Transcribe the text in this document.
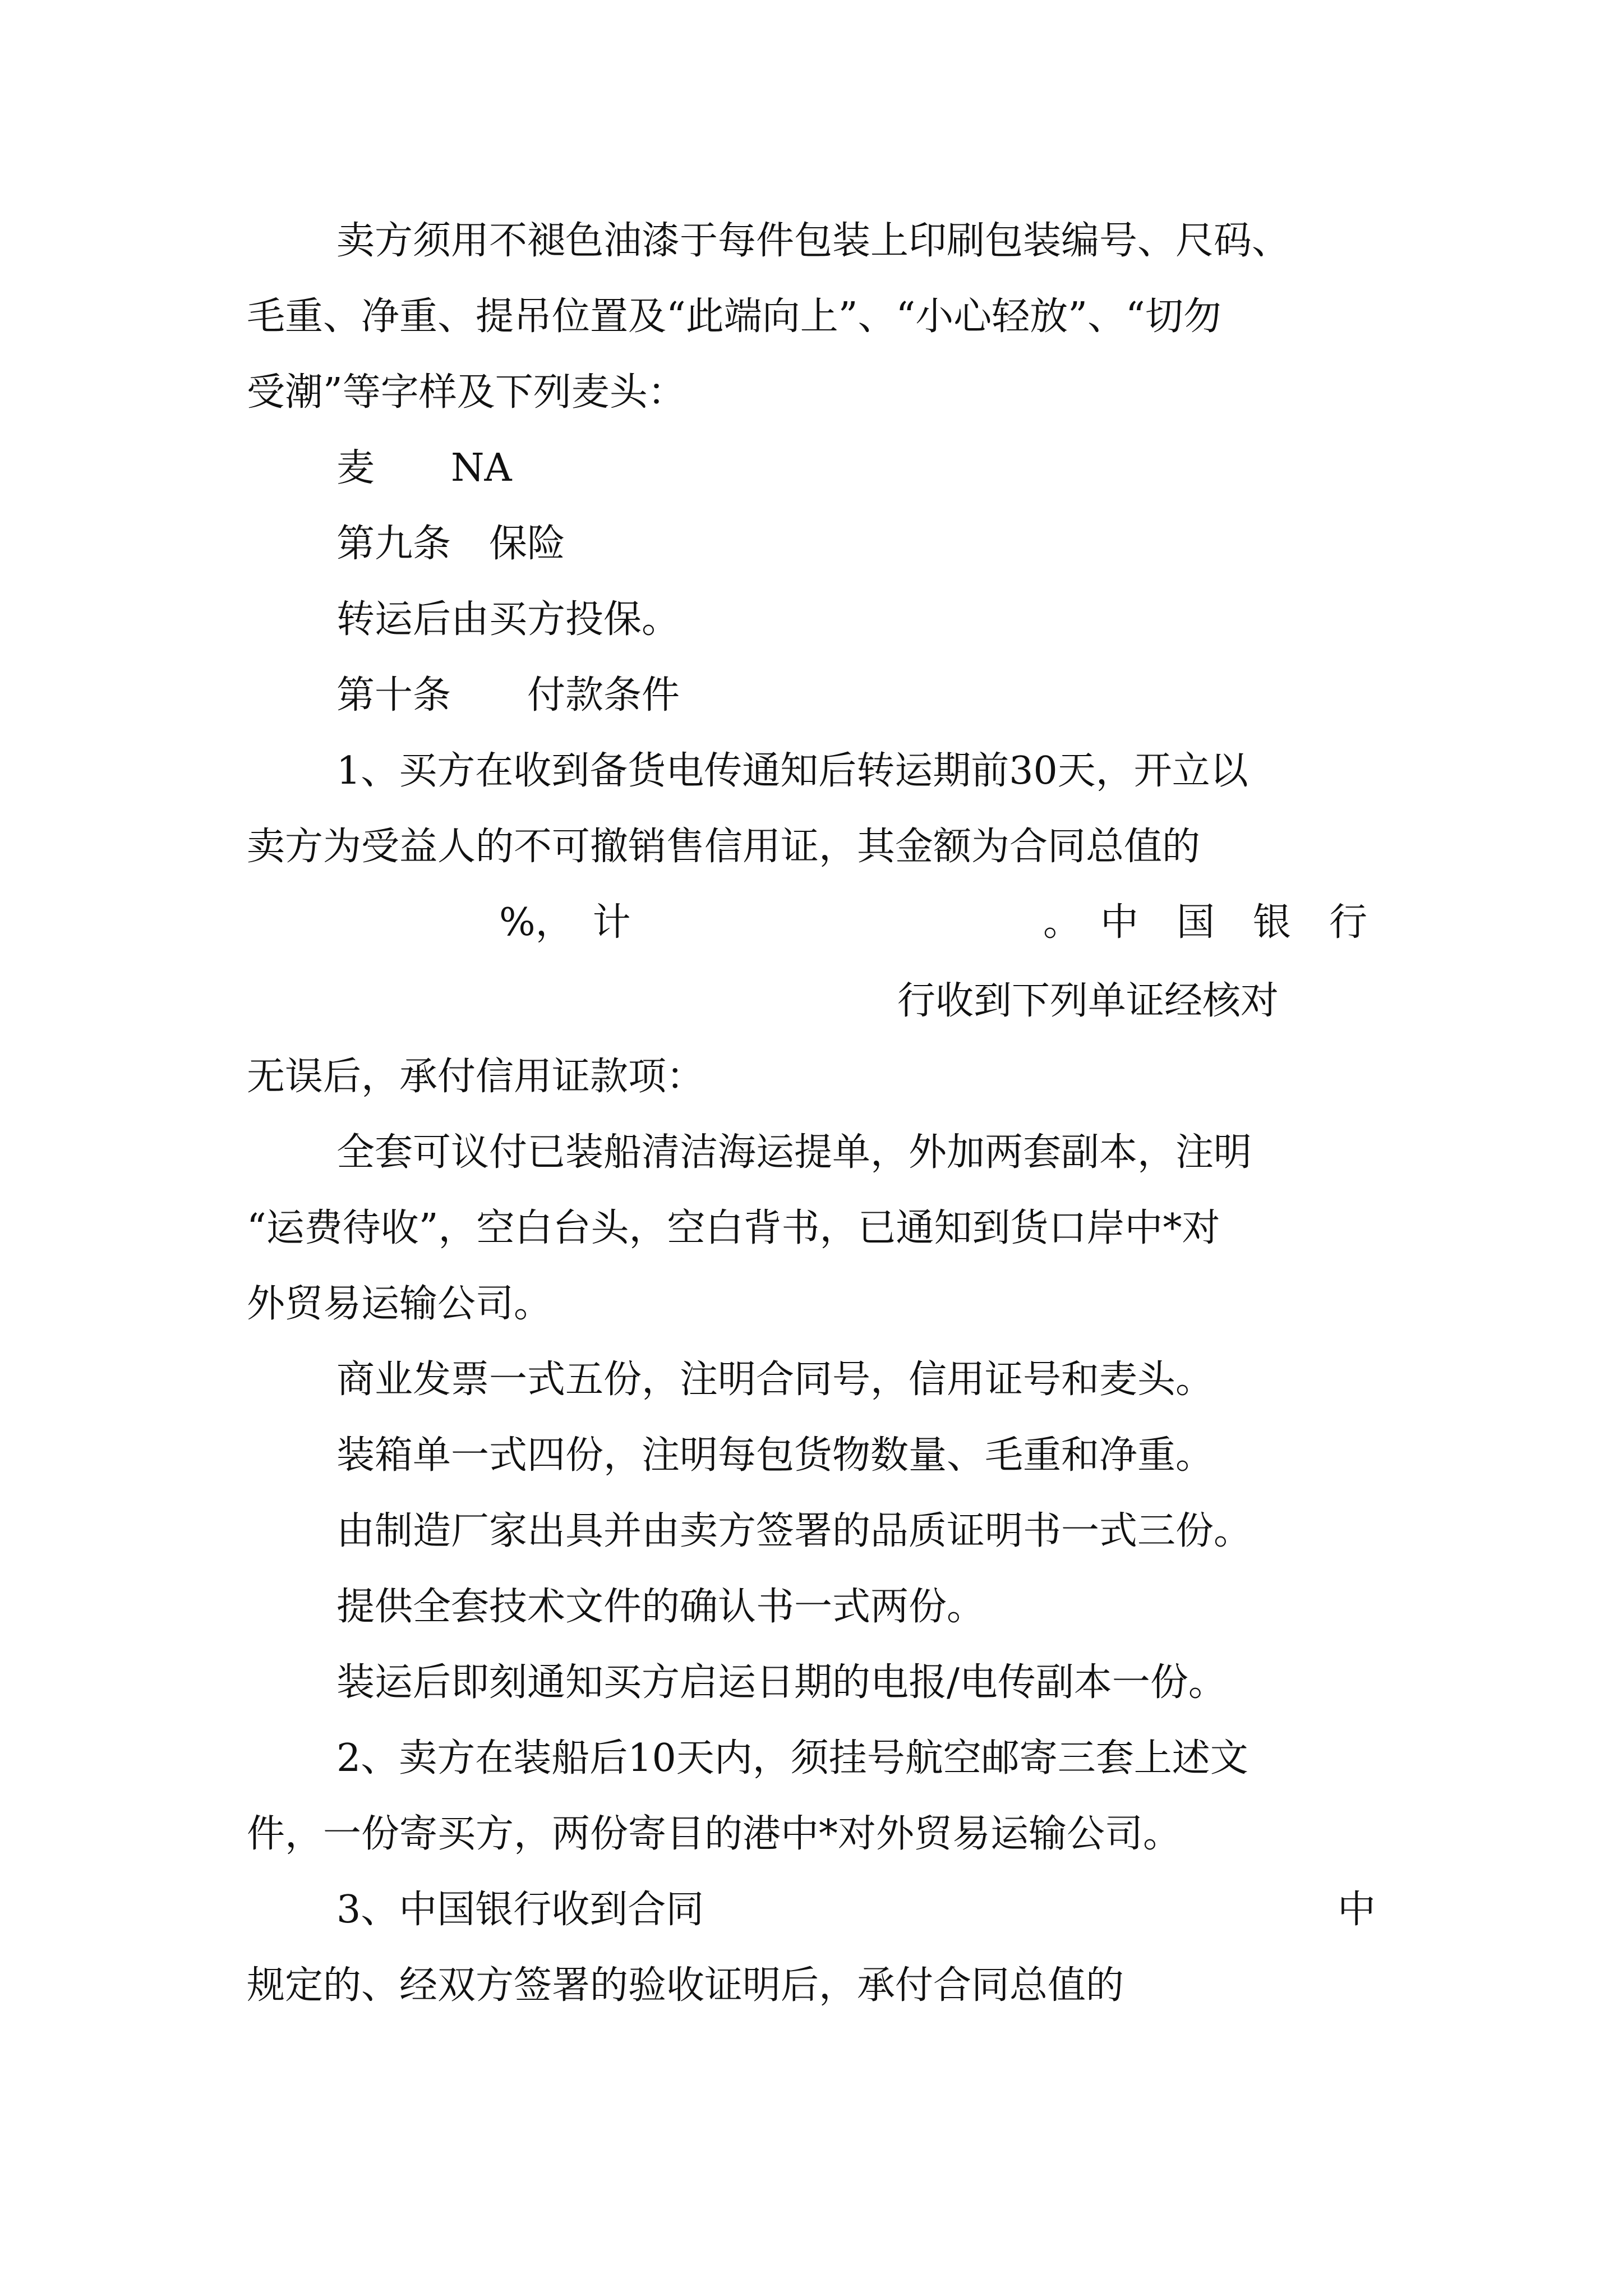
卖方须用不褪色油漆于每件包装上印刷包装编号、尺码、

毛重、净重、提吊位置及“此端向上”、“小心轻放”、“切勿

受潮”等字样及下列麦头：

麦　　NA

第九条　保险

转运后由买方投保。

第十条　　付款条件

1、买方在收到备货电传通知后转运期前30天，开立以

卖方为受益人的不可撤销售信用证，其金额为合同总值的

%，　计	。　中　国　银　行

行收到下列单证经核对

无误后，承付信用证款项：

全套可议付已装船清洁海运提单，外加两套副本，注明

“运费待收”，空白台头，空白背书，已通知到货口岸中*对

外贸易运输公司。

商业发票一式五份，注明合同号，信用证号和麦头。

装箱单一式四份，注明每包货物数量、毛重和净重。

由制造厂家出具并由卖方签署的品质证明书一式三份。

提供全套技术文件的确认书一式两份。

装运后即刻通知买方启运日期的电报/电传副本一份。

2、卖方在装船后10天内，须挂号航空邮寄三套上述文

件，一份寄买方，两份寄目的港中*对外贸易运输公司。

3、中国银行收到合同	中

规定的、经双方签署的验收证明后，承付合同总值的
